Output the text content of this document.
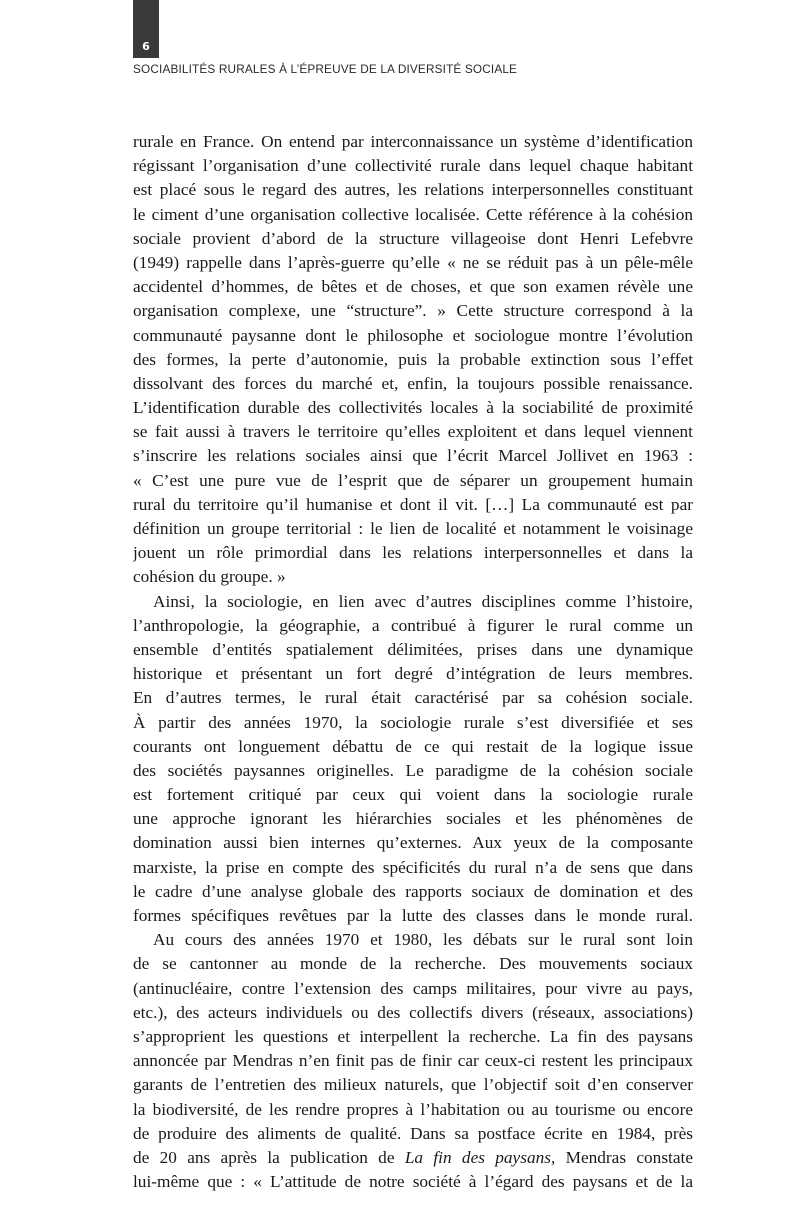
6
SOCIABILITÉS RURALES À L’ÉPREUVE DE LA DIVERSITÉ SOCIALE
rurale en France. On entend par interconnaissance un système d’identification
régissant l’organisation d’une collectivité rurale dans lequel chaque habitant
est placé sous le regard des autres, les relations interpersonnelles constituant
le ciment d’une organisation collective localisée. Cette référence à la cohésion
sociale provient d’abord de la structure villageoise dont Henri Lefebvre
(1949) rappelle dans l’après-guerre qu’elle « ne se réduit pas à un pêle-mêle
accidentel d’hommes, de bêtes et de choses, et que son examen révèle une
organisation complexe, une “structure”. » Cette structure correspond à la
communauté paysanne dont le philosophe et sociologue montre l’évolution
des formes, la perte d’autonomie, puis la probable extinction sous l’effet
dissolvant des forces du marché et, enfin, la toujours possible renaissance.
L’identification durable des collectivités locales à la sociabilité de proximité
se fait aussi à travers le territoire qu’elles exploitent et dans lequel viennent
s’inscrire les relations sociales ainsi que l’écrit Marcel Jollivet en 1963 :
« C’est une pure vue de l’esprit que de séparer un groupement humain
rural du territoire qu’il humanise et dont il vit. […] La communauté est par
définition un groupe territorial : le lien de localité et notamment le voisinage
jouent un rôle primordial dans les relations interpersonnelles et dans la
cohésion du groupe. »
Ainsi, la sociologie, en lien avec d’autres disciplines comme l’histoire,
l’anthropologie, la géographie, a contribué à figurer le rural comme un
ensemble d’entités spatialement délimitées, prises dans une dynamique
historique et présentant un fort degré d’intégration de leurs membres.
En d’autres termes, le rural était caractérisé par sa cohésion sociale.
À partir des années 1970, la sociologie rurale s’est diversifiée et ses
courants ont longuement débattu de ce qui restait de la logique issue
des sociétés paysannes originelles. Le paradigme de la cohésion sociale
est fortement critiqué par ceux qui voient dans la sociologie rurale
une approche ignorant les hiérarchies sociales et les phénomènes de
domination aussi bien internes qu’externes. Aux yeux de la composante
marxiste, la prise en compte des spécificités du rural n’a de sens que dans
le cadre d’une analyse globale des rapports sociaux de domination et des
formes spécifiques revêtues par la lutte des classes dans le monde rural.
Au cours des années 1970 et 1980, les débats sur le rural sont loin
de se cantonner au monde de la recherche. Des mouvements sociaux
(antinucléaire, contre l’extension des camps militaires, pour vivre au pays,
etc.), des acteurs individuels ou des collectifs divers (réseaux, associations)
s’approprient les questions et interpellent la recherche. La fin des paysans
annoncée par Mendras n’en finit pas de finir car ceux-ci restent les principaux
garants de l’entretien des milieux naturels, que l’objectif soit d’en conserver
la biodiversité, de les rendre propres à l’habitation ou au tourisme ou encore
de produire des aliments de qualité. Dans sa postface écrite en 1984, près
de 20 ans après la publication de La fin des paysans, Mendras constate
lui-même que : « L’attitude de notre société à l’égard des paysans et de la
